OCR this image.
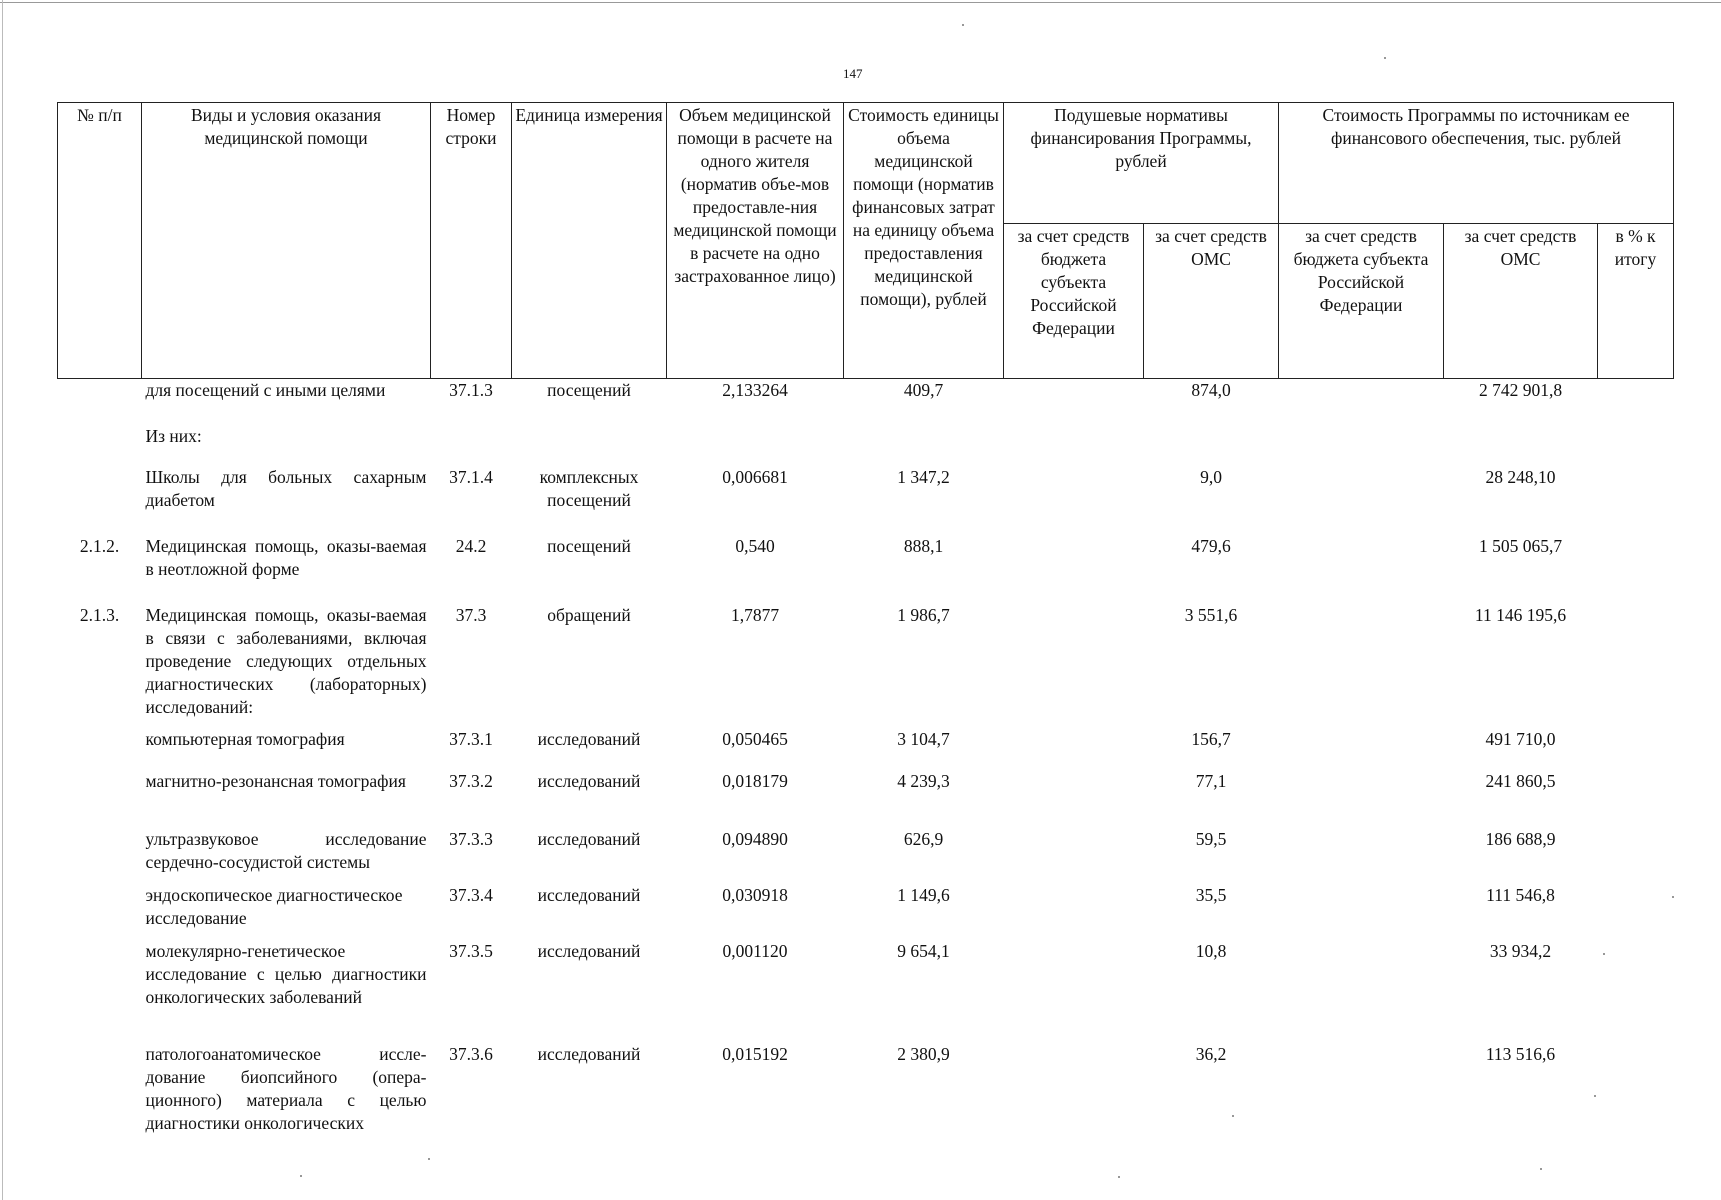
147
№ п/п	Виды и условия оказания медицинской помощи	Номер строки	Единица измерения	Объем медицинской помощи в расчете на одного жителя (норматив объе-мов предоставле-ния медицинской помощи в расчете на одно застрахованное лицо)	Стоимость единицы объема медицинской помощи (норматив финансовых затрат на единицу объема предоставления медицинской помощи), рублей	Подушевые нормативы финансирования Программы, рублей		Стоимость Программы по источникам ее финансового обеспечения, тыс. рублей		
						за счет средств бюджета субъекта Российской Федерации	за счет средств ОМС	за счет средств бюджета субъекта Российской Федерации	за счет средств ОМС	в % к итогу
	для посещений с иными целями	37.1.3	посещений	2,133264	409,7		874,0		2 742 901,8	
	Из них:									
	Школы для больных сахарным диабетом	37.1.4	комплексных посещений	0,006681	1 347,2		9,0		28 248,10	
2.1.2.	Медицинская помощь, оказы-ваемая в неотложной форме	24.2	посещений	0,540	888,1		479,6		1 505 065,7	
2.1.3.	Медицинская помощь, оказы-ваемая в связи с заболеваниями, включая проведение следующих отдельных диагностических (лабораторных) исследований:	37.3	обращений	1,7877	1 986,7		3 551,6		11 146 195,6	
	компьютерная томография	37.3.1	исследований	0,050465	3 104,7		156,7		491 710,0	
	магнитно-резонансная томография	37.3.2	исследований	0,018179	4 239,3		77,1		241 860,5	
	ультразвуковое исследование сердечно-сосудистой системы	37.3.3	исследований	0,094890	626,9		59,5		186 688,9	
	эндоскопическое диагностическое исследование	37.3.4	исследований	0,030918	1 149,6		35,5		111 546,8	
	молекулярно-генетическое исследование с целью диагностики онкологических заболеваний	37.3.5	исследований	0,001120	9 654,1		10,8		33 934,2	
	патологоанатомическое иссле-дование биопсийного (опера-ционного) материала с целью диагностики онкологических	37.3.6	исследований	0,015192	2 380,9		36,2		113 516,6	
